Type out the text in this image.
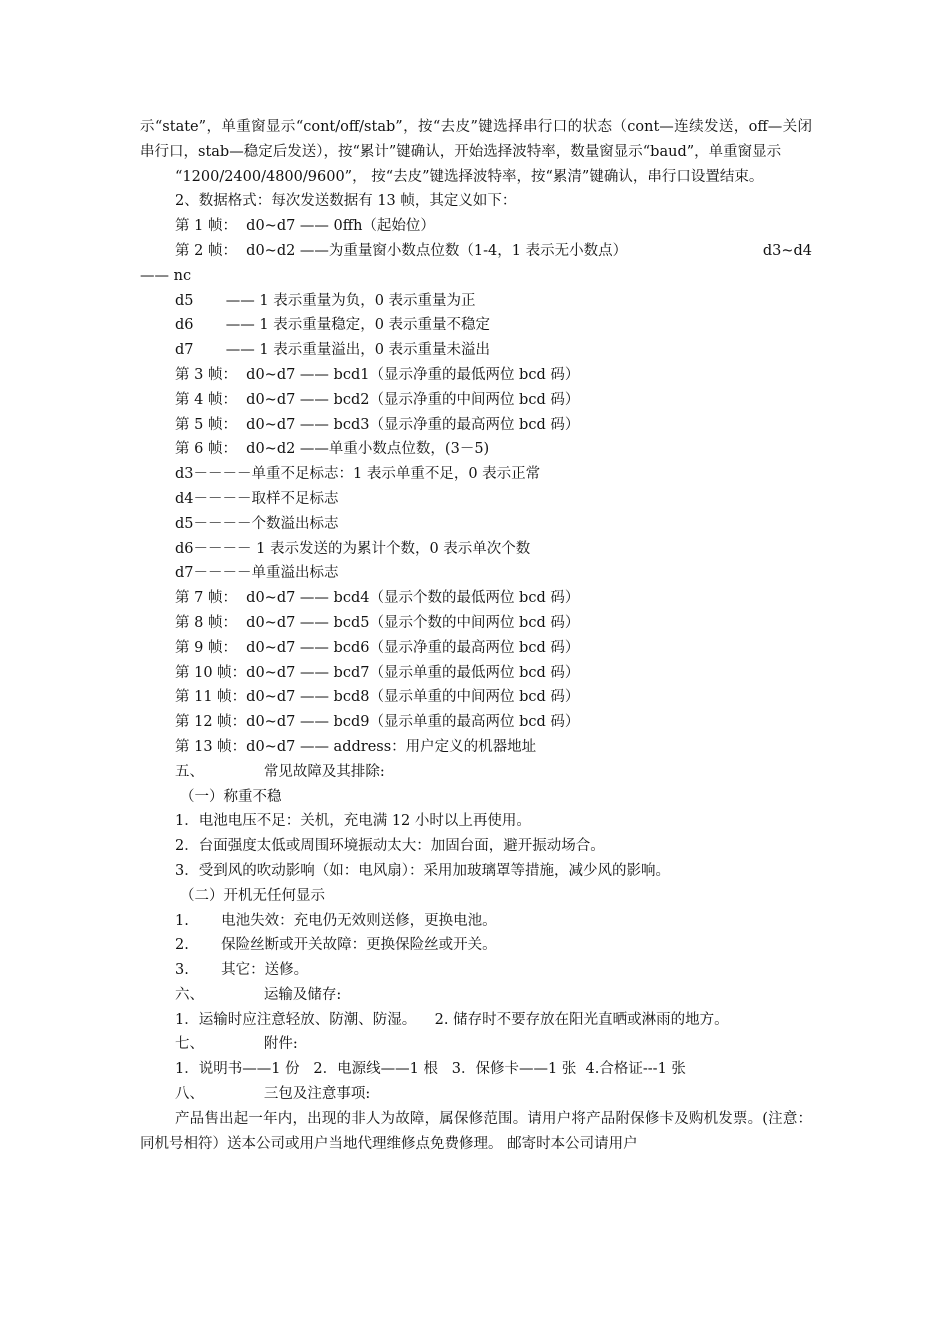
示“state”，单重窗显示“cont/off/stab”，按“去皮”键选择串行口的状态（cont—连续发送，off—关闭串行口，stab—稳定后发送），按“累计”键确认，开始选择波特率，数量窗显示“baud”，单重窗显示
“1200/2400/4800/9600”， 按“去皮”键选择波特率，按“累清”键确认，串行口设置结束。
2、数据格式：每次发送数据有 13 帧，其定义如下：
第 1 帧：  d0~d7 —— 0ffh（起始位）
第 2 帧：  d0~d2 ——为重量窗小数点位数（1-4，1 表示无小数点）	d3~d4
—— nc
d5       —— 1 表示重量为负，0 表示重量为正
d6       —— 1 表示重量稳定，0 表示重量不稳定
d7       —— 1 表示重量溢出，0 表示重量未溢出
第 3 帧：  d0~d7 —— bcd1（显示净重的最低两位 bcd 码）
第 4 帧：  d0~d7 —— bcd2（显示净重的中间两位 bcd 码）
第 5 帧：  d0~d7 —— bcd3（显示净重的最高两位 bcd 码）
第 6 帧：  d0~d2 ——单重小数点位数，(3－5)
d3－－－－单重不足标志：1 表示单重不足，0 表示正常
d4－－－－取样不足标志
d5－－－－个数溢出标志
d6－－－－ 1 表示发送的为累计个数，0 表示单次个数
d7－－－－单重溢出标志
第 7 帧：  d0~d7 —— bcd4（显示个数的最低两位 bcd 码）
第 8 帧：  d0~d7 —— bcd5（显示个数的中间两位 bcd 码）
第 9 帧：  d0~d7 —— bcd6（显示净重的最高两位 bcd 码）
第 10 帧：d0~d7 —— bcd7（显示单重的最低两位 bcd 码）
第 11 帧：d0~d7 —— bcd8（显示单重的中间两位 bcd 码）
第 12 帧：d0~d7 —— bcd9（显示单重的最高两位 bcd 码）
第 13 帧：d0~d7 —— address：用户定义的机器地址
五、             常见故障及其排除:
（一）称重不稳
1．电池电压不足：关机，充电满 12 小时以上再使用。
2．台面强度太低或周围环境振动太大：加固台面，避开振动场合。
3．受到风的吹动影响（如：电风扇）：采用加玻璃罩等措施，减少风的影响。
（二）开机无任何显示
1.       电池失效：充电仍无效则送修，更换电池。
2.       保险丝断或开关故障：更换保险丝或开关。
3.       其它：送修。
六、             运输及储存:
1．运输时应注意轻放、防潮、防湿。    2. 储存时不要存放在阳光直晒或淋雨的地方。
七、             附件:
1．说明书——1 份   2．电源线——1 根   3．保修卡——1 张  4.合格证---1 张
八、             三包及注意事项:
产品售出起一年内，出现的非人为故障，属保修范围。请用户将产品附保修卡及购机发票。(注意：同机号相符）送本公司或用户当地代理维修点免费修理。 邮寄时本公司请用户
